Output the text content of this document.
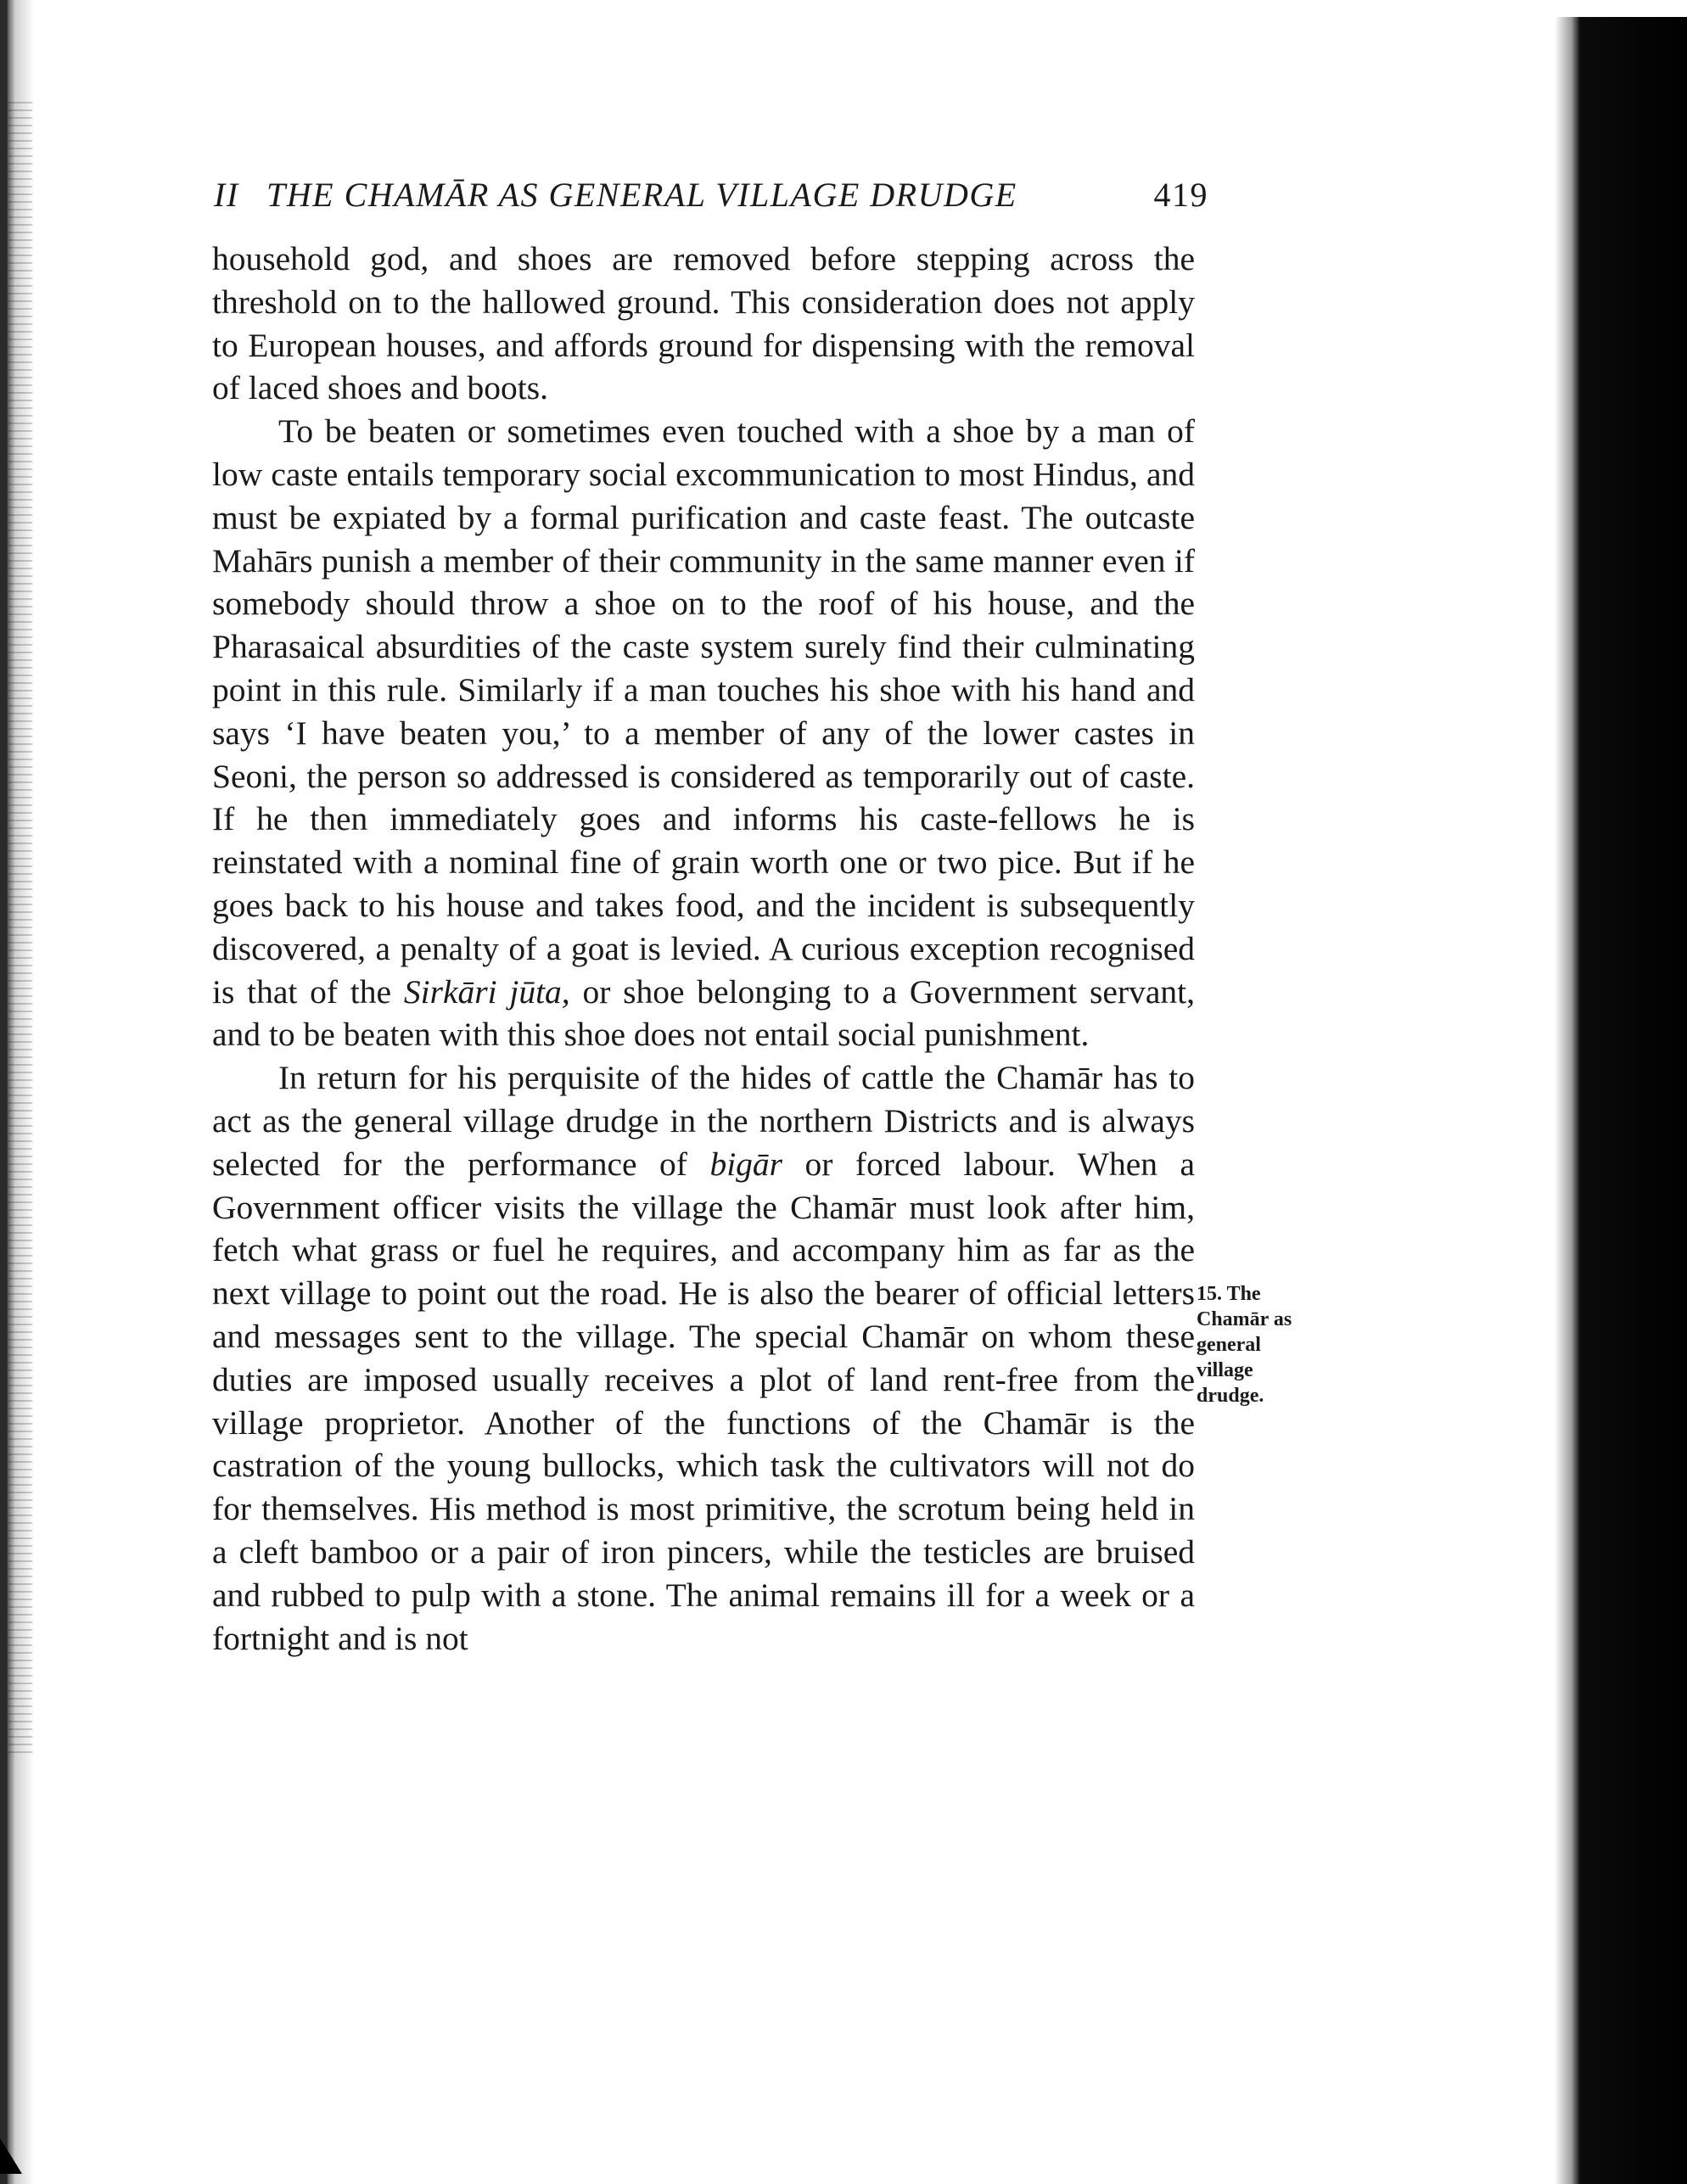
II THE CHAMĀR AS GENERAL VILLAGE DRUDGE	419

household god, and shoes are removed before stepping across the threshold on to the hallowed ground. This consideration does not apply to European houses, and affords ground for dispensing with the removal of laced shoes and boots.

To be beaten or sometimes even touched with a shoe by a man of low caste entails temporary social excommunication to most Hindus, and must be expiated by a formal purification and caste feast. The outcaste Mahārs punish a member of their community in the same manner even if somebody should throw a shoe on to the roof of his house, and the Pharasaical absurdities of the caste system surely find their culminating point in this rule. Similarly if a man touches his shoe with his hand and says ‘I have beaten you,’ to a member of any of the lower castes in Seoni, the person so addressed is considered as temporarily out of caste. If he then immediately goes and informs his caste-fellows he is reinstated with a nominal fine of grain worth one or two pice. But if he goes back to his house and takes food, and the incident is subsequently discovered, a penalty of a goat is levied. A curious exception recognised is that of the Sirkāri jūta, or shoe belonging to a Government servant, and to be beaten with this shoe does not entail social punishment.

In return for his perquisite of the hides of cattle the Chamār has to act as the general village drudge in the northern Districts and is always selected for the performance of bigār or forced labour. When a Government officer visits the village the Chamār must look after him, fetch what grass or fuel he requires, and accompany him as far as the next village to point out the road. He is also the bearer of official letters and messages sent to the village. The special Chamār on whom these duties are imposed usually receives a plot of land rent-free from the village proprietor. Another of the functions of the Chamār is the castration of the young bullocks, which task the cultivators will not do for themselves. His method is most primitive, the scrotum being held in a cleft bamboo or a pair of iron pincers, while the testicles are bruised and rubbed to pulp with a stone. The animal remains ill for a week or a fortnight and is not

15. The
Chamār as
general
village
drudge.
